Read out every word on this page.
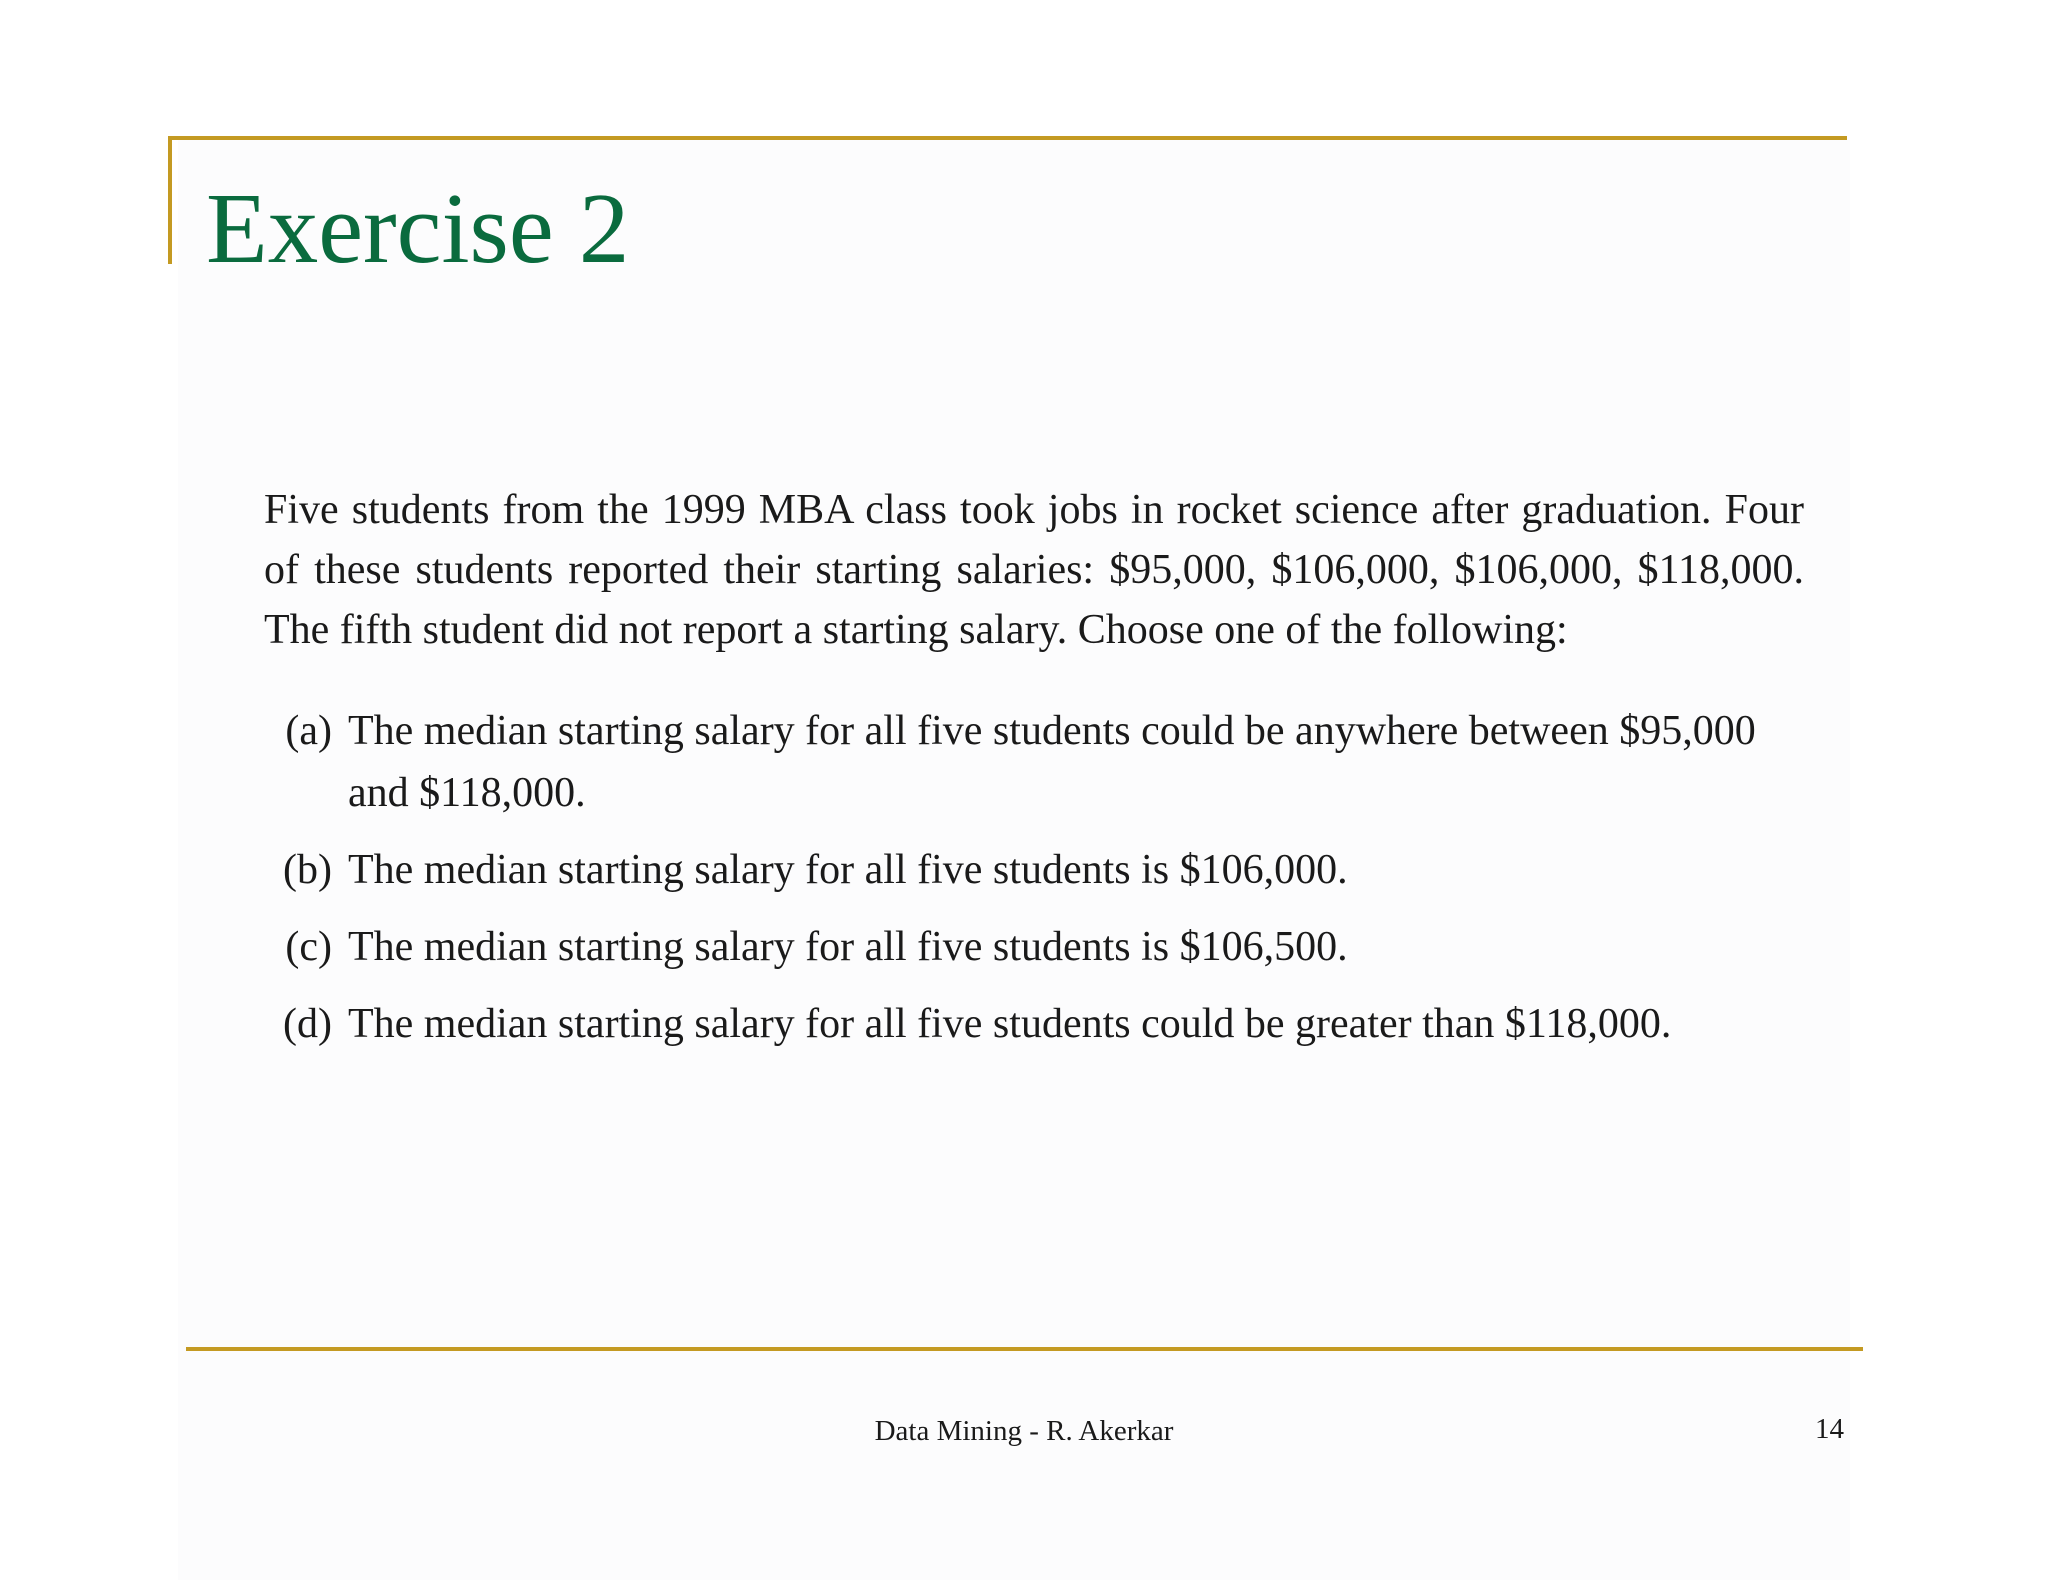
Exercise 2

Five students from the 1999 MBA class took jobs in rocket science after graduation. Four of these students reported their starting salaries: $95,000, $106,000, $106,000, $118,000. The fifth student did not report a starting salary. Choose one of the following:

(a) The median starting salary for all five students could be anywhere between $95,000 and $118,000.
(b) The median starting salary for all five students is $106,000.
(c) The median starting salary for all five students is $106,500.
(d) The median starting salary for all five students could be greater than $118,000.
Data Mining - R. Akerkar	14
